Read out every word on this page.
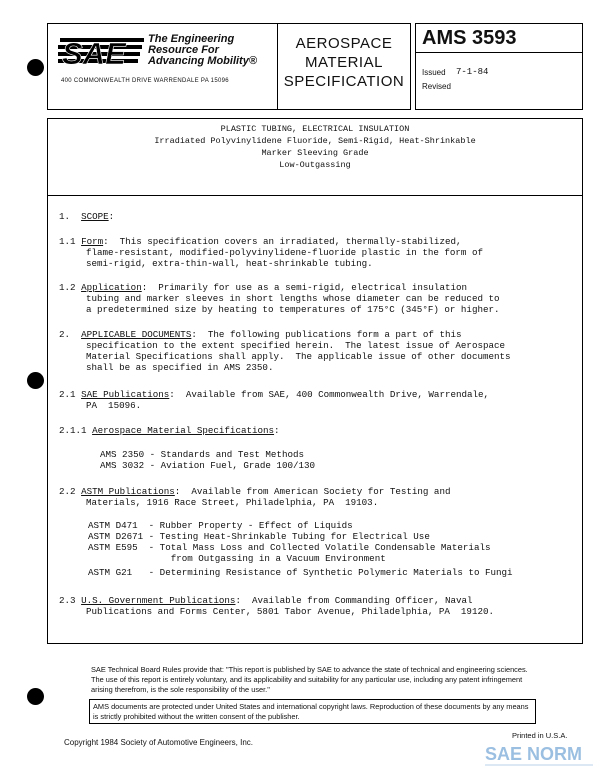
SAE The Engineering
Resource For
Advancing Mobility®
400 COMMONWEALTH DRIVE WARRENDALE PA 15096
AEROSPACE
MATERIAL
SPECIFICATION
AMS 3593
Issued 7-1-84
Revised
PLASTIC TUBING, ELECTRICAL INSULATION
Irradiated Polyvinylidene Fluoride, Semi-Rigid, Heat-Shrinkable
Marker Sleeving Grade
Low-Outgassing
1. SCOPE:
1.1 Form:  This specification covers an irradiated, thermally-stabilized,
flame-resistant, modified-polyvinylidene-fluoride plastic in the form of
semi-rigid, extra-thin-wall, heat-shrinkable tubing.
1.2 Application:  Primarily for use as a semi-rigid, electrical insulation
tubing and marker sleeves in short lengths whose diameter can be reduced to
a predetermined size by heating to temperatures of 175°C (345°F) or higher.
2. APPLICABLE DOCUMENTS:  The following publications form a part of this
specification to the extent specified herein.  The latest issue of Aerospace
Material Specifications shall apply.  The applicable issue of other documents
shall be as specified in AMS 2350.
2.1 SAE Publications:  Available from SAE, 400 Commonwealth Drive, Warrendale,
PA  15096.
2.1.1 Aerospace Material Specifications:
AMS 2350 - Standards and Test Methods
AMS 3032 - Aviation Fuel, Grade 100/130
2.2 ASTM Publications:  Available from American Society for Testing and
Materials, 1916 Race Street, Philadelphia, PA  19103.
ASTM D471  - Rubber Property - Effect of Liquids
ASTM D2671 - Testing Heat-Shrinkable Tubing for Electrical Use
ASTM E595  - Total Mass Loss and Collected Volatile Condensable Materials
from Outgassing in a Vacuum Environment
ASTM G21   - Determining Resistance of Synthetic Polymeric Materials to Fungi
2.3 U.S. Government Publications:  Available from Commanding Officer, Naval
Publications and Forms Center, 5801 Tabor Avenue, Philadelphia, PA  19120.
SAE Technical Board Rules provide that: "This report is published by SAE to advance the state of technical and engineering sciences. The use of this report is entirely voluntary, and its applicability and suitability for any particular use, including any patent infringement arising therefrom, is the sole responsibility of the user."
AMS documents are protected under United States and international copyright laws. Reproduction of these documents by any means is strictly prohibited without the written consent of the publisher.
Copyright 1984 Society of Automotive Engineers, Inc.
Printed in U.S.A.
SAE NORM
